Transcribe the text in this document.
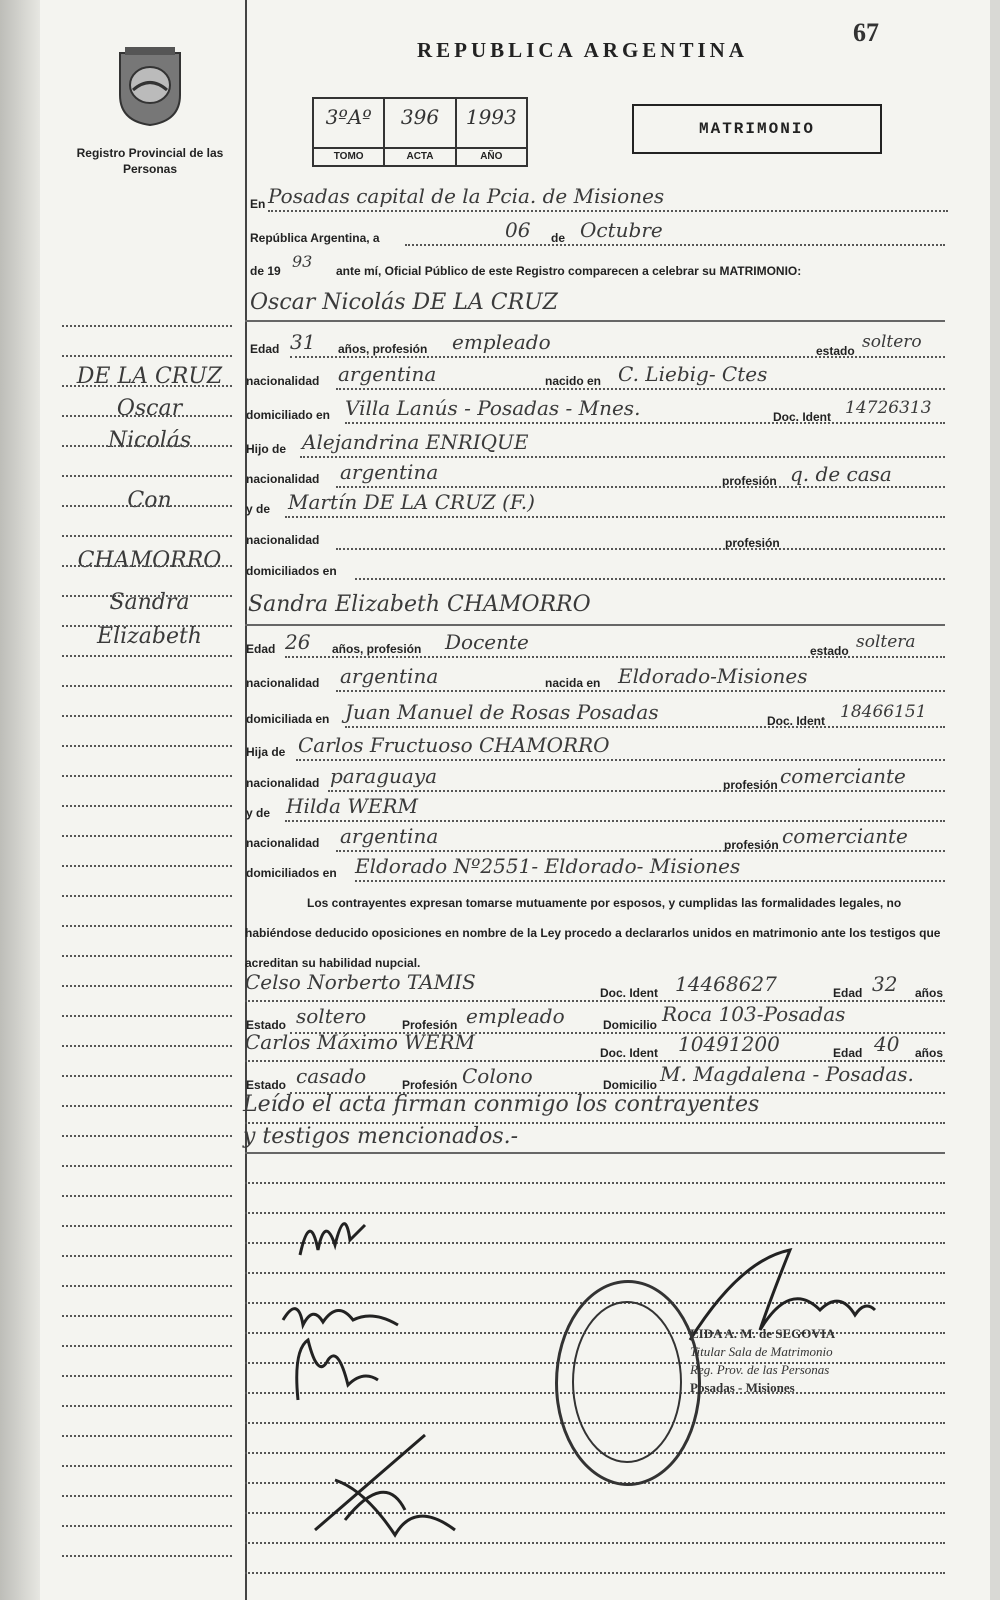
67
REPUBLICA ARGENTINA
Registro Provincial de las Personas
3ºAº
TOMO
396
ACTA
1993
AÑO
MATRIMONIO
En Posadas capital de la Pcia. de Misiones
República Argentina, a	06 de Octubre
de 19 93 ante mí, Oficial Público de este Registro comparecen a celebrar su MATRIMONIO:
Oscar Nicolás DE LA CRUZ
Edad 31 años, profesión empleado	estado soltero
nacionalidad argentina	nacido en C. Liebig- Ctes
domiciliado en Villa Lanús - Posadas - Mnes.	Doc. Ident 14726313
Hijo de Alejandrina ENRIQUE
nacionalidad argentina	profesión q. de casa
y de Martín DE LA CRUZ (F.)
nacionalidad	profesión
domiciliados en
Sandra Elizabeth CHAMORRO
Edad 26 años, profesión Docente	estado soltera
nacionalidad argentina	nacida en Eldorado-Misiones
domiciliada en Juan Manuel de Rosas Posadas	Doc. Ident 18466151
Hija de Carlos Fructuoso CHAMORRO
nacionalidad paraguaya	profesión comerciante
y de Hilda WERM
nacionalidad argentina	profesión comerciante
domiciliados en Eldorado Nº2551- Eldorado- Misiones
Los contrayentes expresan tomarse mutuamente por esposos, y cumplidas las formalidades legales, no habiéndose deducido oposiciones en nombre de la Ley procedo a declararlos unidos en matrimonio ante los testigos que acreditan su habilidad nupcial.
Celso Norberto TAMIS	Doc. Ident 14468627	Edad 32 años
Estado soltero	Profesión empleado	Domicilio Roca 103-Posadas
Carlos Máximo WERM	Doc. Ident 10491200	Edad 40 años
Estado casado	Profesión Colono	Domicilio M. Magdalena - Posadas.
Leído el acta firman conmigo los contrayentes
y testigos mencionados.-
DE LA CRUZ
Oscar
Nicolás
Con
CHAMORRO
Sandra
Elizabeth
LIDA A. M. de SEGOVIA
Titular Sala de Matrimonio
Reg. Prov. de las Personas
Posadas - Misiones
